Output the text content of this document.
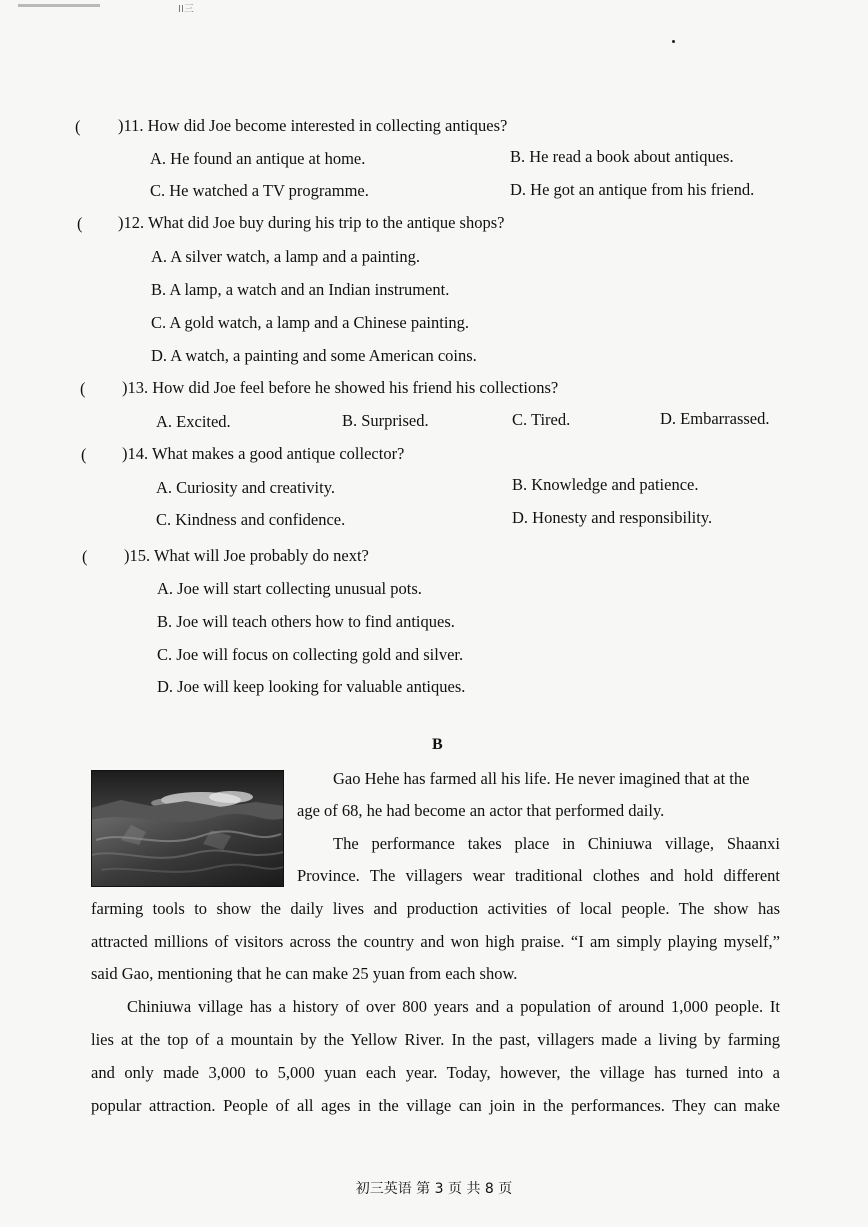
II三
( )11. How did Joe become interested in collecting antiques?
A. He found an antique at home.	B. He read a book about antiques.
C. He watched a TV programme.	D. He got an antique from his friend.
( )12. What did Joe buy during his trip to the antique shops?
A. A silver watch, a lamp and a painting.
B. A lamp, a watch and an Indian instrument.
C. A gold watch, a lamp and a Chinese painting.
D. A watch, a painting and some American coins.
( )13. How did Joe feel before he showed his friend his collections?
A. Excited.	B. Surprised.	C. Tired.	D. Embarrassed.
( )14. What makes a good antique collector?
A. Curiosity and creativity.	B. Knowledge and patience.
C. Kindness and confidence.	D. Honesty and responsibility.
( )15. What will Joe probably do next?
A. Joe will start collecting unusual pots.
B. Joe will teach others how to find antiques.
C. Joe will focus on collecting gold and silver.
D. Joe will keep looking for valuable antiques.
B
Gao Hehe has farmed all his life. He never imagined that at the
age of 68, he had become an actor that performed daily.
The performance takes place in Chiniuwa village, Shaanxi
Province. The villagers wear traditional clothes and hold different
farming tools to show the daily lives and production activities of local people. The show has
attracted millions of visitors across the country and won high praise. “I am simply playing myself,”
said Gao, mentioning that he can make 25 yuan from each show.
Chiniuwa village has a history of over 800 years and a population of around 1,000 people. It
lies at the top of a mountain by the Yellow River. In the past, villagers made a living by farming
and only made 3,000 to 5,000 yuan each year. Today, however, the village has turned into a
popular attraction. People of all ages in the village can join in the performances. They can make
初三英语 第 3 页 共 8 页
